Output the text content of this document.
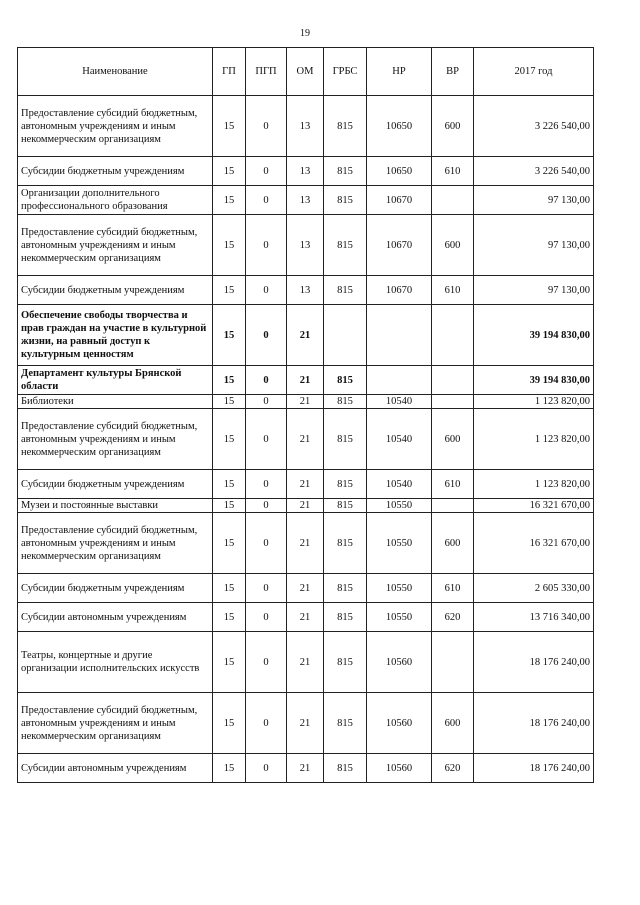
19
Наименование	ГП	ПГП	ОМ	ГРБС	НР	ВР	2017 год
Предоставление субсидий бюджетным, автономным учреждениям и иным некоммерческим организациям	15	0	13	815	10650	600	3 226 540,00
Субсидии бюджетным учреждениям	15	0	13	815	10650	610	3 226 540,00
Организации дополнительного профессионального образования	15	0	13	815	10670		97 130,00
Предоставление субсидий бюджетным, автономным учреждениям и иным некоммерческим организациям	15	0	13	815	10670	600	97 130,00
Субсидии бюджетным учреждениям	15	0	13	815	10670	610	97 130,00
Обеспечение свободы творчества и прав граждан на участие в культурной жизни, на равный доступ к культурным ценностям	15	0	21				39 194 830,00
Департамент культуры Брянской области	15	0	21	815			39 194 830,00
Библиотеки	15	0	21	815	10540		1 123 820,00
Предоставление субсидий бюджетным, автономным учреждениям и иным некоммерческим организациям	15	0	21	815	10540	600	1 123 820,00
Субсидии бюджетным учреждениям	15	0	21	815	10540	610	1 123 820,00
Музеи и постоянные выставки	15	0	21	815	10550		16 321 670,00
Предоставление субсидий бюджетным, автономным учреждениям и иным некоммерческим организациям	15	0	21	815	10550	600	16 321 670,00
Субсидии бюджетным учреждениям	15	0	21	815	10550	610	2 605 330,00
Субсидии автономным учреждениям	15	0	21	815	10550	620	13 716 340,00
Театры, концертные и другие организации исполнительских искусств	15	0	21	815	10560		18 176 240,00
Предоставление субсидий бюджетным, автономным учреждениям и иным некоммерческим организациям	15	0	21	815	10560	600	18 176 240,00
Субсидии автономным учреждениям	15	0	21	815	10560	620	18 176 240,00
